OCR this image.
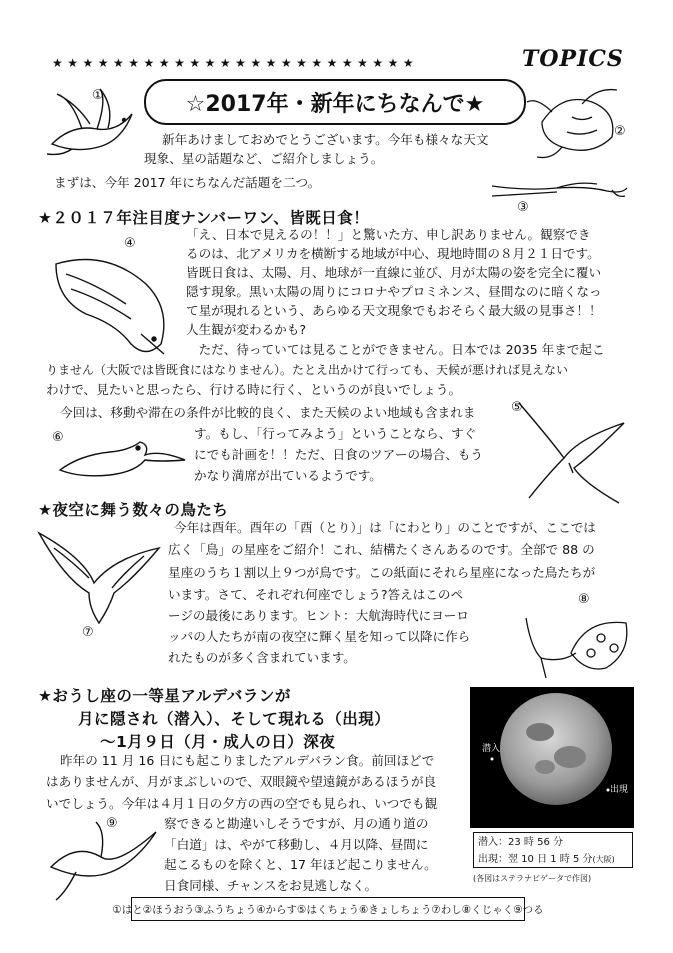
★★★★★★★★★★★★★★★★★★★★★★★★	TOPICS
☆2017年・新年にちなんで★
①
②
③
④
⑤
⑥
⑦
⑧
⑨
新年あけましておめでとうございます。今年も様々な天文
現象、星の話題など、ご紹介しましょう。
まずは、今年 2017 年にちなんだ話題を二つ。
★２０１７年注目度ナンバーワン、皆既日食！
「え、日本で見えるの！！」と驚いた方、申し訳ありません。観察でき
るのは、北アメリカを横断する地域が中心、現地時間の８月２１日です。
皆既日食は、太陽、月、地球が一直線に並び、月が太陽の姿を完全に覆い
隠す現象。黒い太陽の周りにコロナやプロミネンス、昼間なのに暗くなっ
て星が現れるという、あらゆる天文現象でもおそらく最大級の見事さ！！
人生観が変わるかも?
　ただ、待っていては見ることができません。日本では 2035 年まで起こ
りません（大阪では皆既食にはなりません）。たとえ出かけて行っても、天候が悪ければ見えない
わけで、見たいと思ったら、行ける時に行く、というのが良いでしょう。
今回は、移動や滞在の条件が比較的良く、また天候のよい地域も含まれま
す。もし、「行ってみよう」ということなら、すぐ
にでも計画を！！ただ、日食のツアーの場合、もう
かなり満席が出ているようです。
★夜空に舞う数々の鳥たち
今年は酉年。酉年の「酉（とり）」は「にわとり」のことですが、ここでは
広く「鳥」の星座をご紹介！これ、結構たくさんあるのです。全部で 88 の
星座のうち１割以上９つが鳥です。この紙面にそれら星座になった鳥たちが
います。さて、それぞれ何座でしょう?答えはこのペ
ージの最後にあります。ヒント：大航海時代にヨーロ
ッパの人たちが南の夜空に輝く星を知って以降に作ら
れたものが多く含まれています。
★おうし座の一等星アルデバランが
月に隠され（潜入）、そして現れる（出現）
～1月９日（月・成人の日）深夜
昨年の 11 月 16 日にも起こりましたアルデバラン食。前回ほどで
はありませんが、月がまぶしいので、双眼鏡や望遠鏡があるほうが良
いでしょう。今年は４月１日の夕方の西の空でも見られ、いつでも観
察できると勘違いしそうですが、月の通り道の
「白道」は、やがて移動し、４月以降、昼間に
起こるものを除くと、17 年ほど起こりません。
日食同様、チャンスをお見逃しなく。
潜入
出現
潜入：23 時 56 分
出現：翌 10 日 1 時 5 分(大阪)
(各図はステラナビゲータで作図)
①はと②ほうおう③ふうちょう④からす⑤はくちょう⑥きょしちょう⑦わし⑧くじゃく⑨つる
